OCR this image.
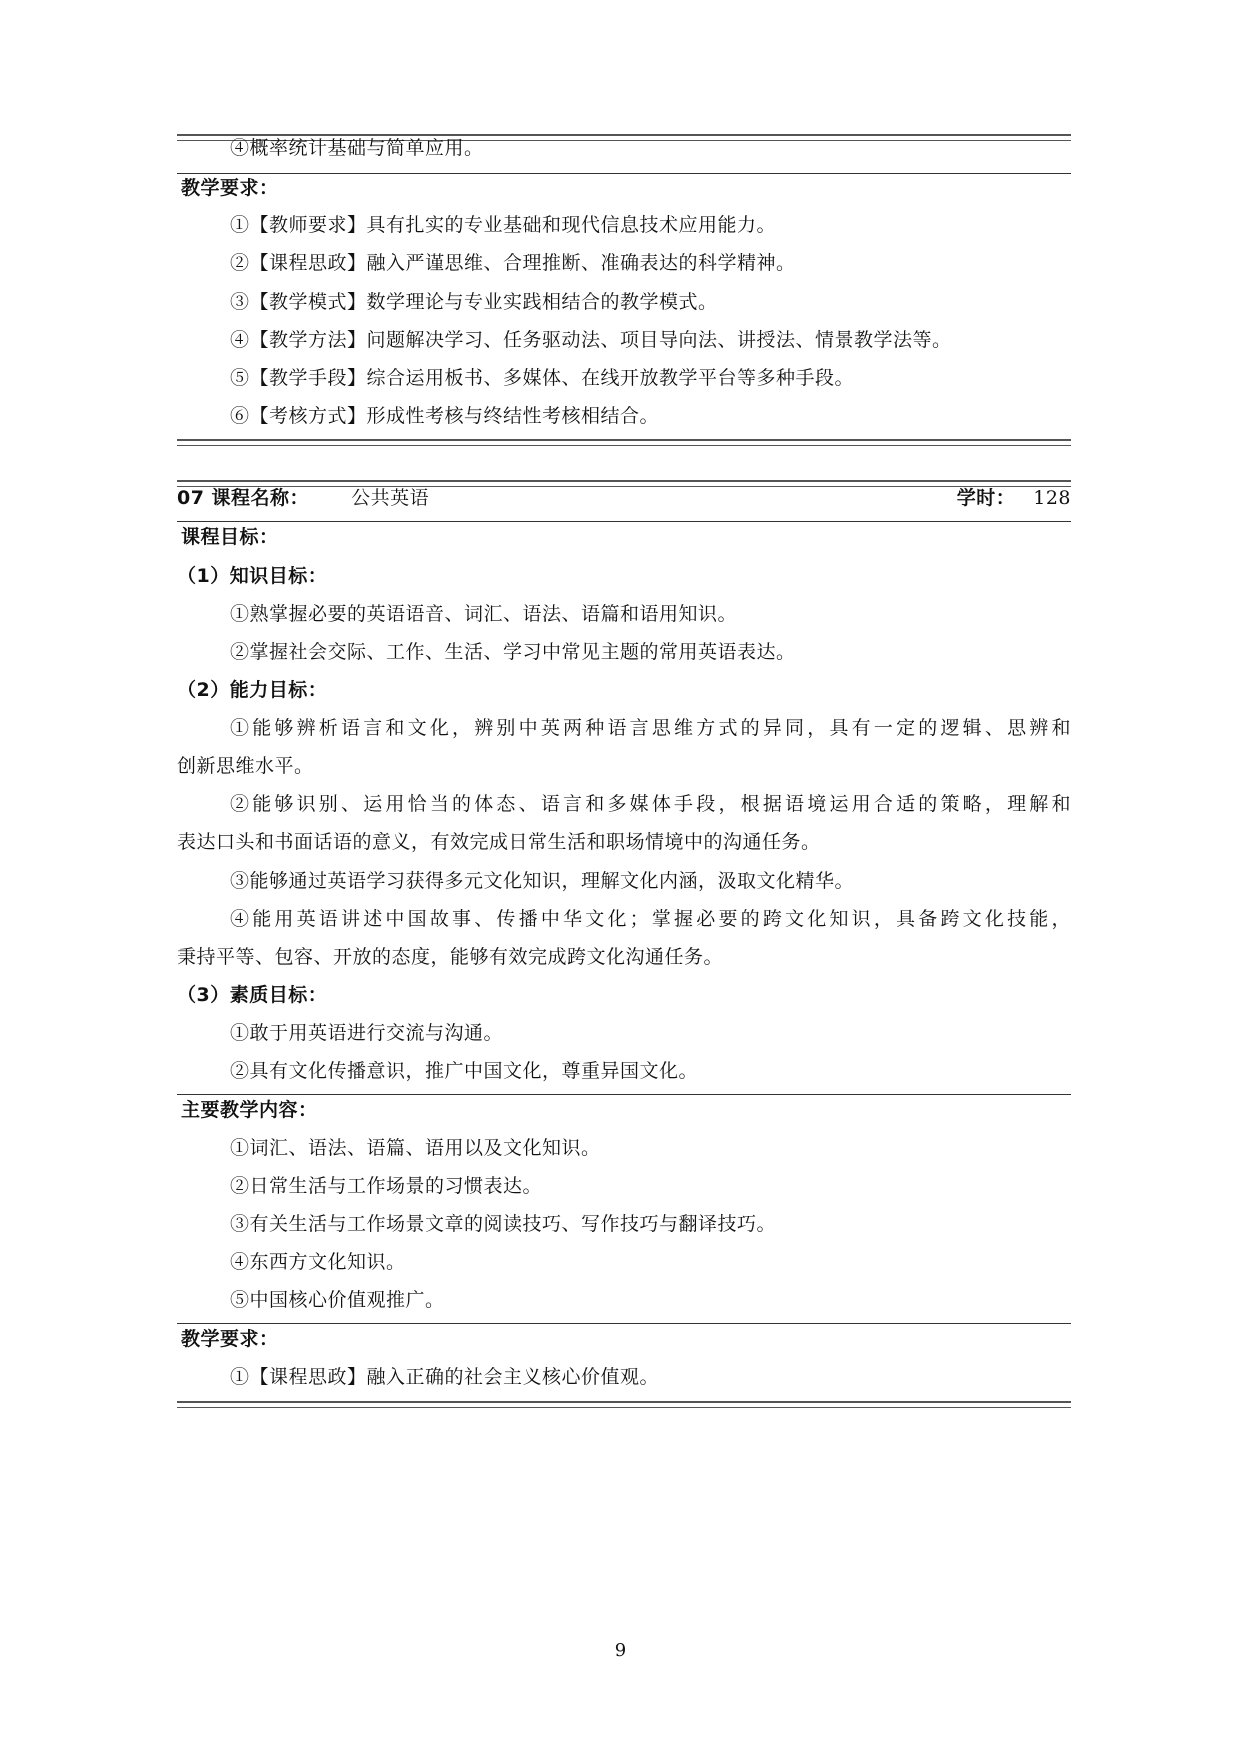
④概率统计基础与简单应用。
教学要求：
①【教师要求】具有扎实的专业基础和现代信息技术应用能力。
②【课程思政】融入严谨思维、合理推断、准确表达的科学精神。
③【教学模式】数学理论与专业实践相结合的教学模式。
④【教学方法】问题解决学习、任务驱动法、项目导向法、讲授法、情景教学法等。
⑤【教学手段】综合运用板书、多媒体、在线开放教学平台等多种手段。
⑥【考核方式】形成性考核与终结性考核相结合。
07 课程名称： 公共英语	学时： 128
课程目标：
（1）知识目标：
①熟掌握必要的英语语音、词汇、语法、语篇和语用知识。
②掌握社会交际、工作、生活、学习中常见主题的常用英语表达。
（2）能力目标：
①能够辨析语言和文化，辨别中英两种语言思维方式的异同，具有一定的逻辑、思辨和
创新思维水平。
②能够识别、运用恰当的体态、语言和多媒体手段，根据语境运用合适的策略，理解和
表达口头和书面话语的意义，有效完成日常生活和职场情境中的沟通任务。
③能够通过英语学习获得多元文化知识，理解文化内涵，汲取文化精华。
④能用英语讲述中国故事、传播中华文化；掌握必要的跨文化知识，具备跨文化技能，
秉持平等、包容、开放的态度，能够有效完成跨文化沟通任务。
（3）素质目标：
①敢于用英语进行交流与沟通。
②具有文化传播意识，推广中国文化，尊重异国文化。
主要教学内容：
①词汇、语法、语篇、语用以及文化知识。
②日常生活与工作场景的习惯表达。
③有关生活与工作场景文章的阅读技巧、写作技巧与翻译技巧。
④东西方文化知识。
⑤中国核心价值观推广。
教学要求：
①【课程思政】融入正确的社会主义核心价值观。
9
